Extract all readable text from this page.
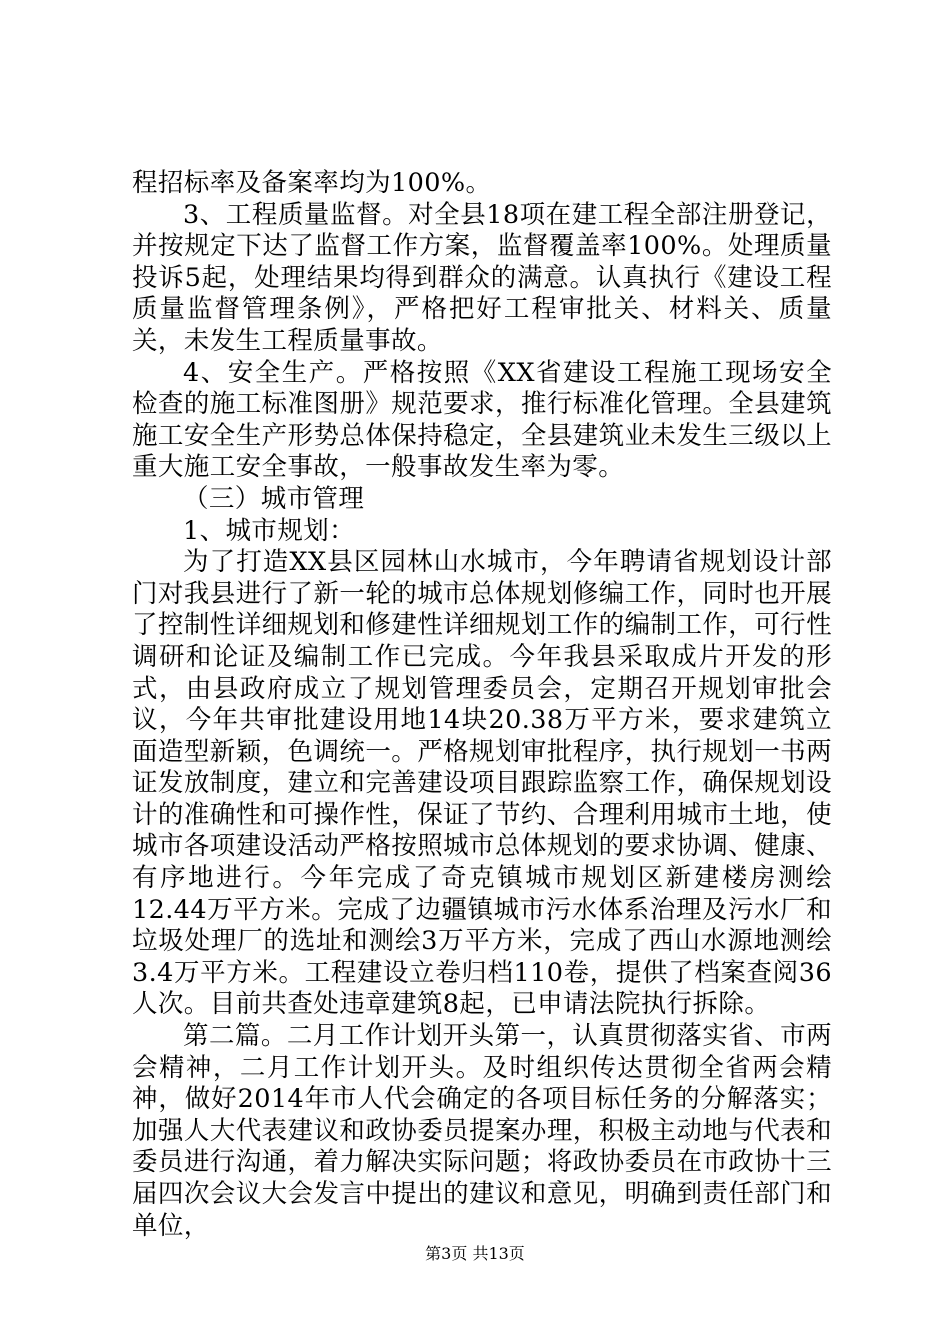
程招标率及备案率均为100%。

3、工程质量监督。对全县18项在建工程全部注册登记，并按规定下达了监督工作方案，监督覆盖率100%。处理质量投诉5起，处理结果均得到群众的满意。认真执行《建设工程质量监督管理条例》，严格把好工程审批关、材料关、质量关，未发生工程质量事故。

4、安全生产。严格按照《XX省建设工程施工现场安全检查的施工标准图册》规范要求，推行标准化管理。全县建筑施工安全生产形势总体保持稳定，全县建筑业未发生三级以上重大施工安全事故，一般事故发生率为零。

（三）城市管理

1、城市规划：

为了打造XX县区园林山水城市，今年聘请省规划设计部门对我县进行了新一轮的城市总体规划修编工作，同时也开展了控制性详细规划和修建性详细规划工作的编制工作，可行性调研和论证及编制工作已完成。今年我县采取成片开发的形式，由县政府成立了规划管理委员会，定期召开规划审批会议，今年共审批建设用地14块20.38万平方米，要求建筑立面造型新颖，色调统一。严格规划审批程序，执行规划一书两证发放制度，建立和完善建设项目跟踪监察工作，确保规划设计的准确性和可操作性，保证了节约、合理利用城市土地，使城市各项建设活动严格按照城市总体规划的要求协调、健康、有序地进行。今年完成了奇克镇城市规划区新建楼房测绘12.44万平方米。完成了边疆镇城市污水体系治理及污水厂和垃圾处理厂的选址和测绘3万平方米，完成了西山水源地测绘3.4万平方米。工程建设立卷归档110卷，提供了档案查阅36人次。目前共查处违章建筑8起，已申请法院执行拆除。

第二篇。二月工作计划开头第一，认真贯彻落实省、市两会精神，二月工作计划开头。及时组织传达贯彻全省两会精神，做好2014年市人代会确定的各项目标任务的分解落实；加强人大代表建议和政协委员提案办理，积极主动地与代表和委员进行沟通，着力解决实际问题；将政协委员在市政协十三届四次会议大会发言中提出的建议和意见，明确到责任部门和单位，

第3页 共13页
